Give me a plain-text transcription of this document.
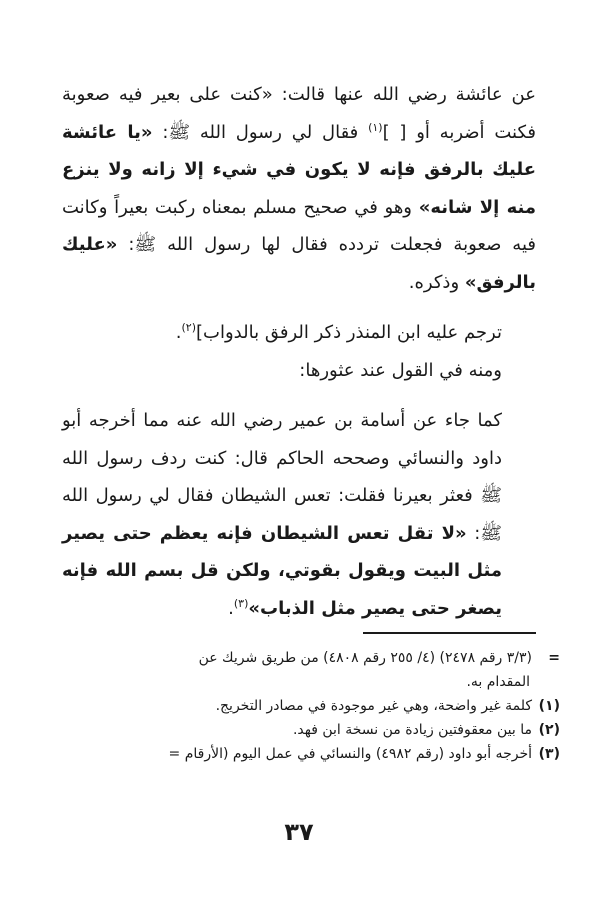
عن عائشة رضي الله عنها قالت: «كنت على بعير فيه صعوبة فكنت أضربه أو [ ]$^{(١)}$ فقال لي رسول الله ﷺ: «يا عائشة عليك بالرفق فإنه لا يكون في شيء إلا زانه ولا ينزع منه إلا شانه» وهو في صحيح مسلم بمعناه ركبت بعيراً وكانت فيه صعوبة فجعلت تردده فقال لها رسول الله ﷺ: «عليك بالرفق» وذكره.

ترجم عليه ابن المنذر ذكر الرفق بالدواب]$^{(٢)}$.

ومنه في القول عند عثورها:

كما جاء عن أسامة بن عمير رضي الله عنه مما أخرجه أبو داود والنسائي وصححه الحاكم قال: كنت ردف رسول الله ﷺ فعثر بعيرنا فقلت: تعس الشيطان فقال لي رسول الله ﷺ: «لا تقل تعس الشيطان فإنه يعظم حتى يصير مثل البيت ويقول بقوتي، ولكن قل بسم الله فإنه يصغر حتى يصير مثل الذباب»$^{(٣)}$.

=(٣/٣ رقم ٢٤٧٨) (٤/ ٢٥٥ رقم ٤٨٠٨) من طريق شريك عن

المقدام به.

(١)كلمة غير واضحة، وهي غير موجودة في مصادر التخريج.

(٢)ما بين معقوفتين زيادة من نسخة ابن فهد.

(٣)أخرجه أبو داود (رقم ٤٩٨٢) والنسائي في عمل اليوم (الأرقام =

٣٧
